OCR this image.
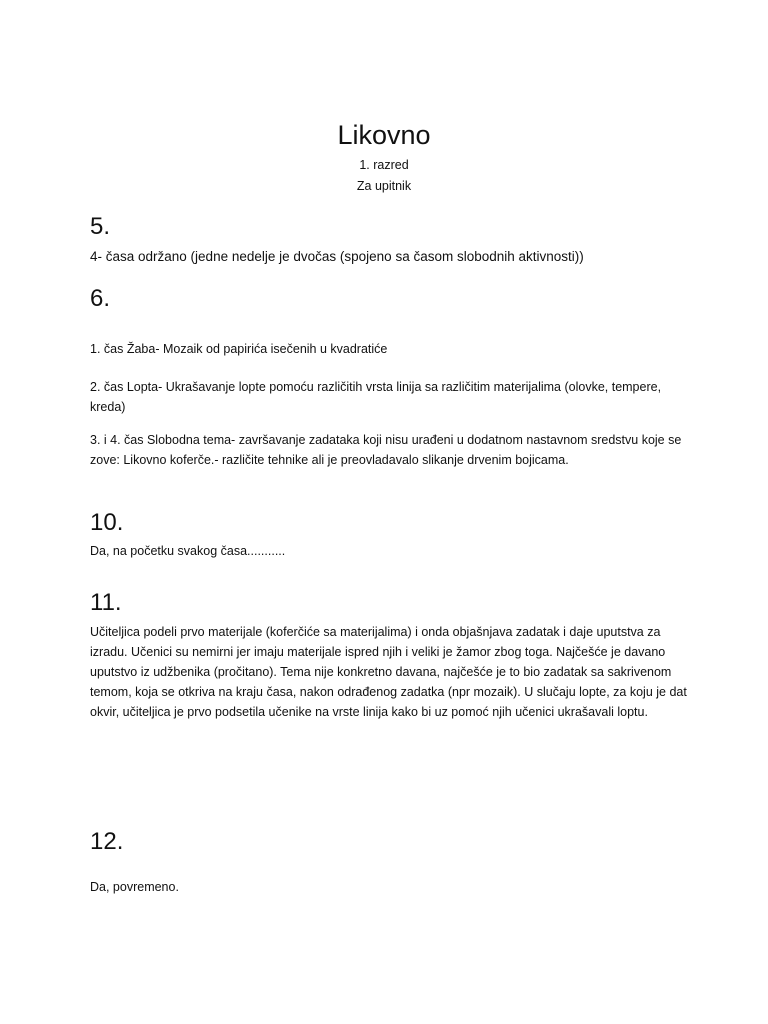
Likovno

1. razred

Za upitnik

5.

4- časa održano (jedne nedelje je dvočas (spojeno sa časom slobodnih aktivnosti))

6.

1. čas Žaba- Mozaik od papirića isečenih u kvadratiće

2. čas Lopta- Ukrašavanje lopte pomoću različitih vrsta linija sa različitim materijalima (olovke, tempere, kreda)

3. i 4. čas Slobodna tema- završavanje zadataka koji nisu urađeni u dodatnom nastavnom sredstvu koje se zove: Likovno koferče.- različite tehnike ali je preovladavalo slikanje drvenim bojicama.

10.

Da, na početku svakog časa...........

11.

Učiteljica podeli prvo materijale (koferčiće sa materijalima) i onda objašnjava zadatak i daje uputstva za izradu. Učenici su nemirni jer imaju materijale ispred njih i veliki je žamor zbog toga. Najčešće je davano uputstvo iz udžbenika (pročitano). Tema nije konkretno davana, najčešće je to bio zadatak sa sakrivenom temom, koja se otkriva na kraju časa, nakon odrađenog zadatka (npr mozaik). U slučaju lopte, za koju je dat okvir, učiteljica je prvo podsetila učenike na vrste linija kako bi uz pomoć njih učenici ukrašavali loptu.

12.

Da, povremeno.
